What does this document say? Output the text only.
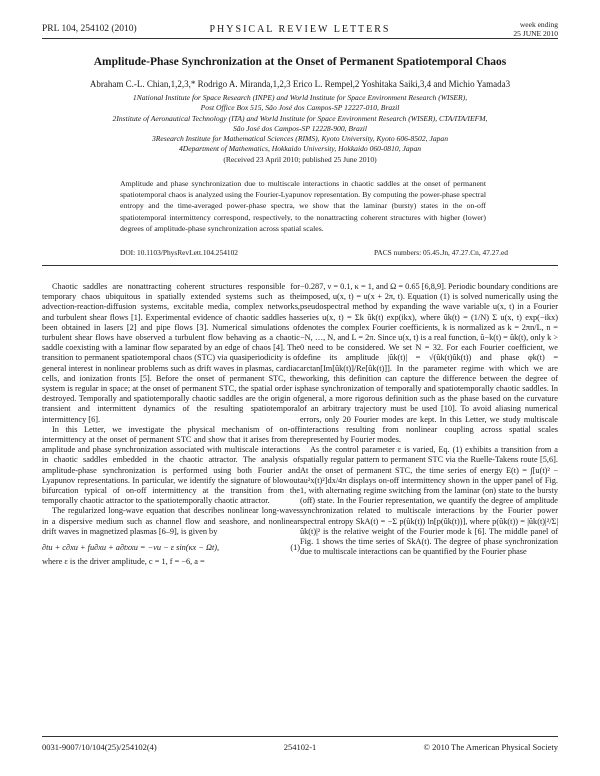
PRL 104, 254102 (2010)	PHYSICAL REVIEW LETTERS	week ending
25 JUNE 2010
Amplitude-Phase Synchronization at the Onset of Permanent Spatiotemporal Chaos
Abraham C.-L. Chian,1,2,3,* Rodrigo A. Miranda,1,2,3 Erico L. Rempel,2 Yoshitaka Saiki,3,4 and Michio Yamada3
1National Institute for Space Research (INPE) and World Institute for Space Environment Research (WISER),
Post Office Box 515, São José dos Campos-SP 12227-010, Brazil
2Institute of Aeronautical Technology (ITA) and World Institute for Space Environment Research (WISER), CTA/ITA/IEFM,
São José dos Campos-SP 12228-900, Brazil
3Research Institute for Mathematical Sciences (RIMS), Kyoto University, Kyoto 606-8502, Japan
4Department of Mathematics, Hokkaido University, Hokkaido 060-0810, Japan
(Received 23 April 2010; published 25 June 2010)
Amplitude and phase synchronization due to multiscale interactions in chaotic saddles at the onset of permanent spatiotemporal chaos is analyzed using the Fourier-Lyapunov representation. By computing the power-phase spectral entropy and the time-averaged power-phase spectra, we show that the laminar (bursty) states in the on-off spatiotemporal intermittency correspond, respectively, to the nonattracting coherent structures with higher (lower) degrees of amplitude-phase synchronization across spatial scales.
DOI: 10.1103/PhysRevLett.104.254102	PACS numbers: 05.45.Jn, 47.27.Cn, 47.27.ed

Chaotic saddles are nonattracting coherent structures responsible for temporary chaos ubiquitous in spatially extended systems such as the advection-reaction-diffusion systems, excitable media, complex networks, and turbulent shear flows [1]. Experimental evidence of chaotic saddles has been obtained in lasers [2] and pipe flows [3]. Numerical simulations of turbulent shear flows have observed a turbulent flow behaving as a chaotic saddle coexisting with a laminar flow separated by an edge of chaos [4]. The transition to permanent spatiotemporal chaos (STC) via quasiperiodicity is of general interest in nonlinear problems such as drift waves in plasmas, cardiac cells, and ionization fronts [5]. Before the onset of permanent STC, the system is regular in space; at the onset of permanent STC, the spatial order is destroyed. Temporally and spatiotemporally chaotic saddles are the origin of transient and intermittent dynamics of the resulting spatiotemporal intermittency [6].

In this Letter, we investigate the physical mechanism of on-off intermittency at the onset of permanent STC and show that it arises from the amplitude and phase synchronization associated with multiscale interactions in chaotic saddles embedded in the chaotic attractor. The analysis of amplitude-phase synchronization is performed using both Fourier and Lyapunov representations. In particular, we identify the signature of blowout bifurcation typical of on-off intermittency at the transition from the temporally chaotic attractor to the spatiotemporally chaotic attractor.

The regularized long-wave equation that describes nonlinear long-waves in a dispersive medium such as channel flow and seashore, and nonlinear drift waves in magnetized plasmas [6–9], is given by

∂tu + c∂xu + fu∂xu + a∂txxu = −νu − ε sin(κx − Ωt),	(1)

where ε is the driver amplitude, c = 1, f = −6, a =

−0.287, ν = 0.1, κ = 1, and Ω = 0.65 [6,8,9]. Periodic boundary conditions are imposed, u(x, t) = u(x + 2π, t). Equation (1) is solved numerically using the pseudospectral method by expanding the wave variable u(x, t) in a Fourier series u(x, t) = Σk ûk(t) exp(ikx), where ûk(t) = (1/N) Σ u(x, t) exp(−ikx) denotes the complex Fourier coefficients, k is normalized as k = 2πn/L, n = −N, …, N, and L = 2π. Since u(x, t) is a real function, û−k(t) = ûk(t), only k > 0 need to be considered. We set N = 32. For each Fourier coefficient, we define its amplitude |ûk(t)| = √(ûk(t)ûk(t)) and phase φk(t) = arctan[Im[ûk(t)]/Re[ûk(t)]]. In the parameter regime with which we are working, this definition can capture the difference between the degree of phase synchronization of temporally and spatiotemporally chaotic saddles. In general, a more rigorous definition such as the phase based on the curvature of an arbitrary trajectory must be used [10]. To avoid aliasing numerical errors, only 20 Fourier modes are kept. In this Letter, we study multiscale interactions resulting from nonlinear coupling across spatial scales represented by Fourier modes.

As the control parameter ε is varied, Eq. (1) exhibits a transition from a spatially regular pattern to permanent STC via the Ruelle-Takens route [5,6]. At the onset of permanent STC, the time series of energy E(t) = ∫[u(t)² − au²x(t)²]dx/4π displays on-off intermittency shown in the upper panel of Fig. 1, with alternating regime switching from the laminar (on) state to the bursty (off) state. In the Fourier representation, we quantify the degree of amplitude synchronization related to multiscale interactions by the Fourier power spectral entropy SkA(t) = −Σ p(ûk(t)) ln[p(ûk(t))], where p(ûk(t)) = |ûk(t)|²/Σ|ûk(t)|² is the relative weight of the Fourier mode k [6]. The middle panel of Fig. 1 shows the time series of SkA(t). The degree of phase synchronization due to multiscale interactions can be quantified by the Fourier phase

0031-9007/10/104(25)/254102(4)	254102-1	© 2010 The American Physical Society
